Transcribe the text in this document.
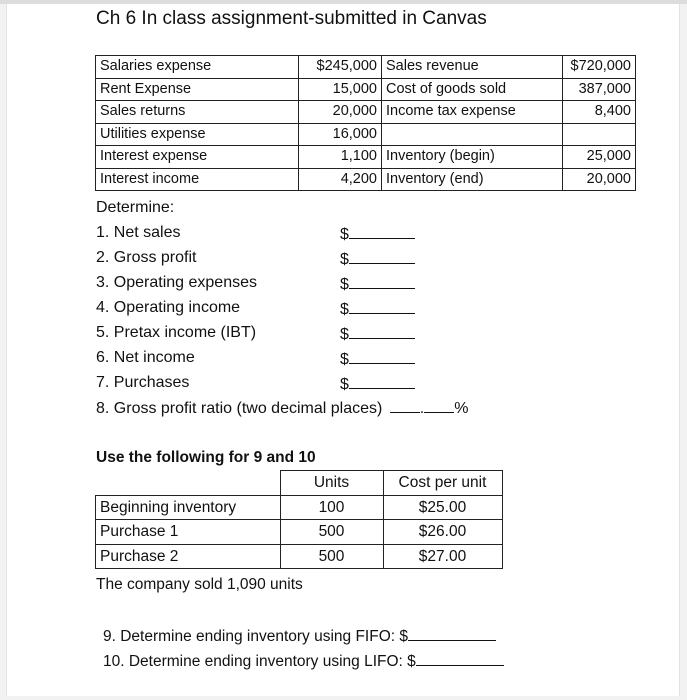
Ch 6 In class assignment-submitted in Canvas
Salaries expense	$245,000	Sales revenue	$720,000
Rent Expense	15,000	Cost of goods sold	387,000
Sales returns	20,000	Income tax expense	8,400
Utilities expense	16,000		
Interest expense	1,100	Inventory (begin)	25,000
Interest income	4,200	Inventory (end)	20,000
Determine:
1. Net sales	$
2. Gross profit	$
3. Operating expenses	$
4. Operating income	$
5. Pretax income (IBT)	$
6. Net income	$
7. Purchases	$
8. Gross profit ratio (two decimal places) . %
Use the following for 9 and 10
	Units	Cost per unit
Beginning inventory	100	$25.00
Purchase 1	500	$26.00
Purchase 2	500	$27.00
The company sold 1,090 units
9. Determine ending inventory using FIFO: $
10. Determine ending inventory using LIFO: $
